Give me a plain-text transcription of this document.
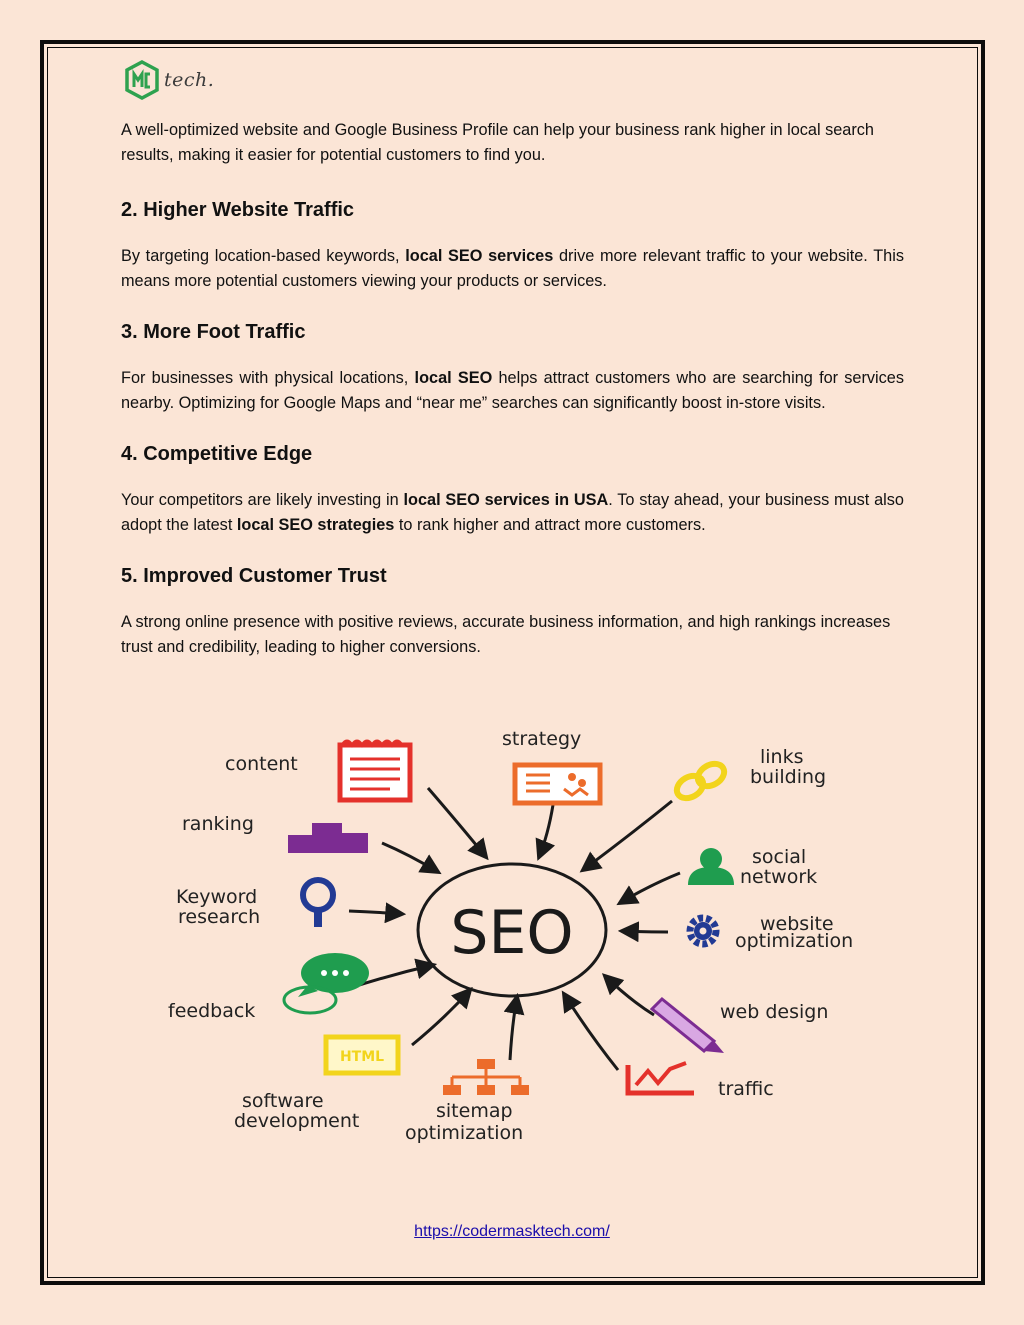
tech.

A well-optimized website and Google Business Profile can help your business rank higher in local search results, making it easier for potential customers to find you.

2. Higher Website Traffic

By targeting location-based keywords, local SEO services drive more relevant traffic to your website. This means more potential customers viewing your products or services.

3. More Foot Traffic

For businesses with physical locations, local SEO helps attract customers who are searching for services nearby. Optimizing for Google Maps and “near me” searches can significantly boost in-store visits.

4. Competitive Edge

Your competitors are likely investing in local SEO services in USA. To stay ahead, your business must also adopt the latest local SEO strategies to rank higher and attract more customers.

5. Improved Customer Trust

A strong online presence with positive reviews, accurate business information, and high rankings increases trust and credibility, leading to higher conversions.

SEO
content
strategy
links
building
ranking
social
network
Keyword
research	website
optimization
feedback	web design
HTML
software
development	sitemap
optimization
traffic
https://codermasktech.com/
